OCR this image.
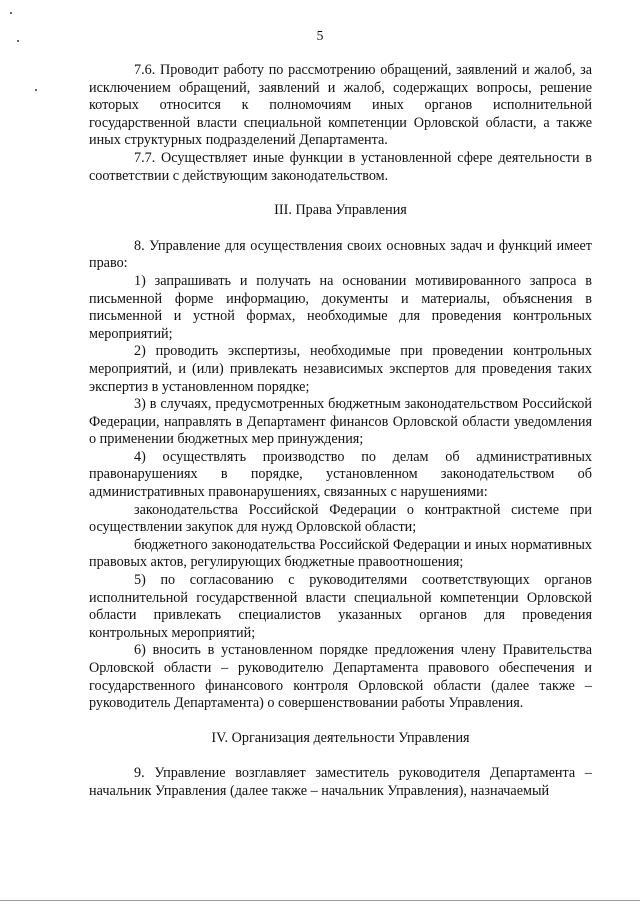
5

7.6. Проводит работу по рассмотрению обращений, заявлений и жалоб, за исключением обращений, заявлений и жалоб, содержащих вопросы, решение которых относится к полномочиям иных органов исполнительной государственной власти специальной компетенции Орловской области, а также иных структурных подразделений Департамента.

7.7. Осуществляет иные функции в установленной сфере деятельности в соответствии с действующим законодательством.

III. Права Управления

8. Управление для осуществления своих основных задач и функций имеет право:

1) запрашивать и получать на основании мотивированного запроса в письменной форме информацию, документы и материалы, объяснения в письменной и устной формах, необходимые для проведения контрольных мероприятий;

2) проводить экспертизы, необходимые при проведении контрольных мероприятий, и (или) привлекать независимых экспертов для проведения таких экспертиз в установленном порядке;

3) в случаях, предусмотренных бюджетным законодательством Российской Федерации, направлять в Департамент финансов Орловской области уведомления о применении бюджетных мер принуждения;

4) осуществлять производство по делам об административных правонарушениях в порядке, установленном законодательством об административных правонарушениях, связанных с нарушениями:

законодательства Российской Федерации о контрактной системе при осуществлении закупок для нужд Орловской области;

бюджетного законодательства Российской Федерации и иных нормативных правовых актов, регулирующих бюджетные правоотношения;

5) по согласованию с руководителями соответствующих органов исполнительной государственной власти специальной компетенции Орловской области привлекать специалистов указанных органов для проведения контрольных мероприятий;

6) вносить в установленном порядке предложения члену Правительства Орловской области – руководителю Департамента правового обеспечения и государственного финансового контроля Орловской области (далее также – руководитель Департамента) о совершенствовании работы Управления.

IV. Организация деятельности Управления

9. Управление возглавляет заместитель руководителя Департамента – начальник Управления (далее также – начальник Управления), назначаемый
